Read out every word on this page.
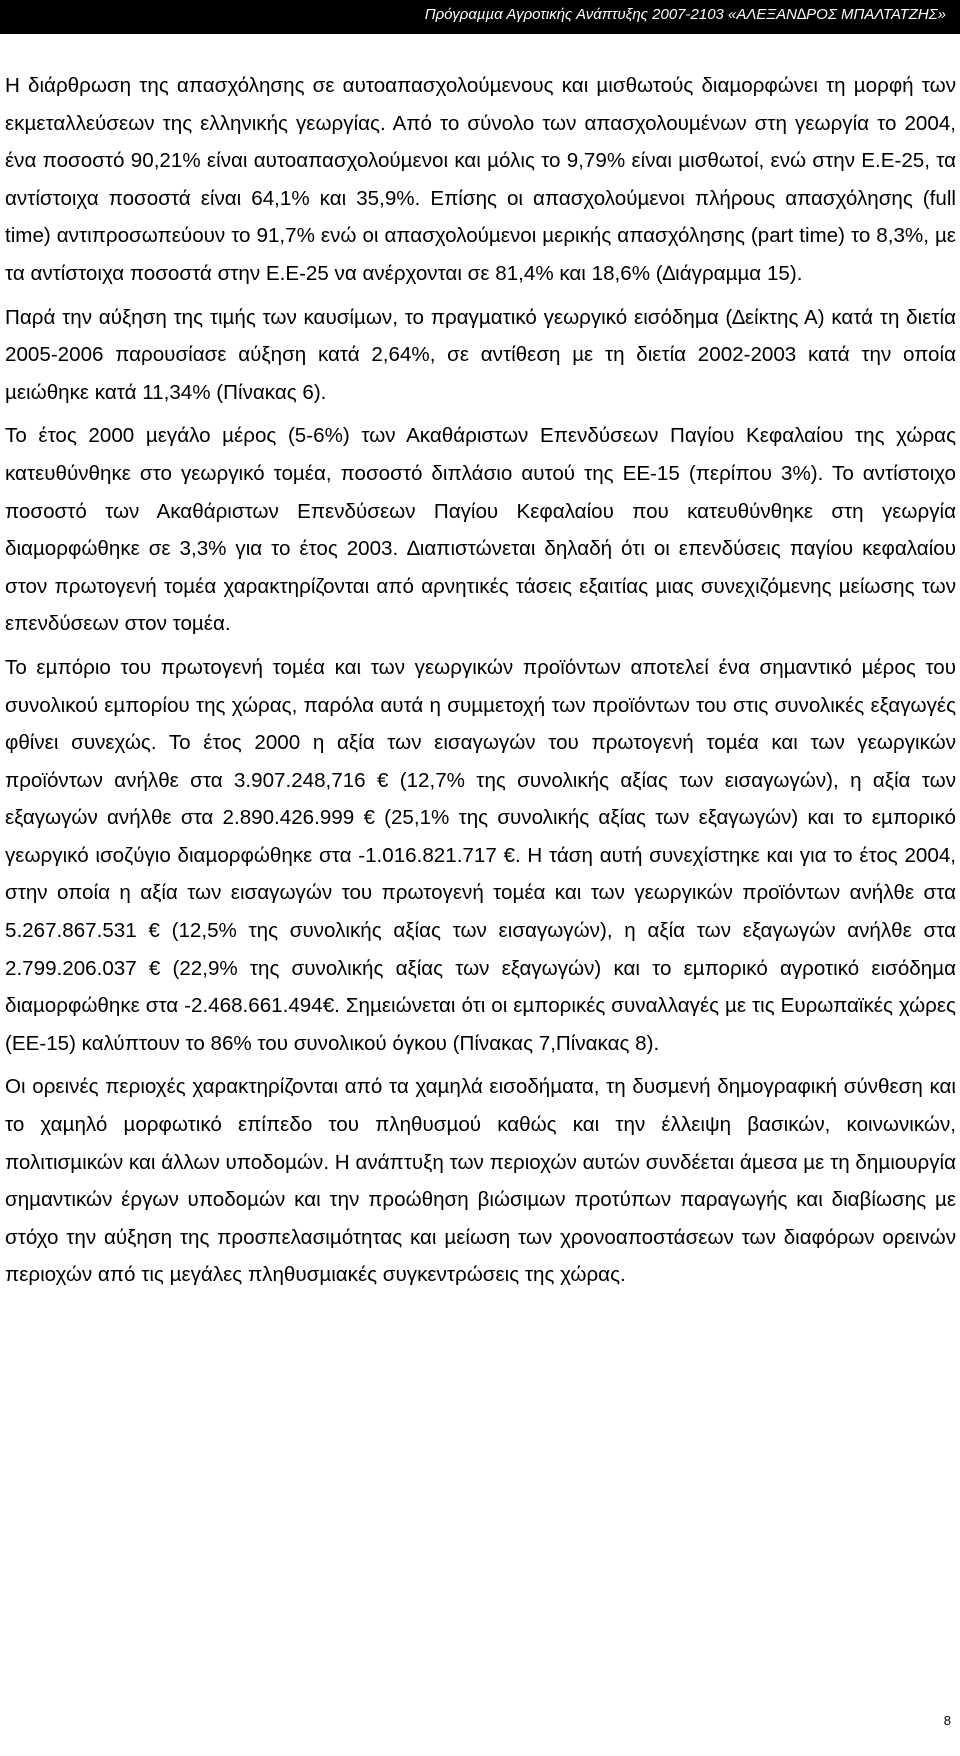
Πρόγραµµα Αγροτικής Ανάπτυξης 2007-2103 «ΑΛΕΞΑΝ∆ΡΟΣ ΜΠΑΛΤΑΤΖΗΣ»

Η διάρθρωση της απασχόλησης σε αυτοαπασχολούµενους και µισθωτούς διαµορφώνει τη µορφή των εκµεταλλεύσεων της ελληνικής γεωργίας. Από το σύνολο των απασχολουµένων στη γεωργία το 2004, ένα ποσοστό 90,21% είναι αυτοαπασχολούµενοι και µόλις το 9,79% είναι µισθωτοί, ενώ στην Ε.Ε-25, τα αντίστοιχα ποσοστά είναι 64,1% και 35,9%. Επίσης οι απασχολούµενοι πλήρους απασχόλησης (full time) αντιπροσωπεύουν το 91,7% ενώ οι απασχολούµενοι µερικής απασχόλησης (part time) το 8,3%, µε τα αντίστοιχα ποσοστά στην Ε.Ε-25 να ανέρχονται σε 81,4% και 18,6% (∆ιάγραµµα 15).

Παρά την αύξηση της τιµής των καυσίµων, το πραγµατικό γεωργικό εισόδηµα (∆είκτης Α) κατά τη διετία 2005-2006 παρουσίασε αύξηση κατά 2,64%, σε αντίθεση µε τη διετία 2002-2003 κατά την οποία µειώθηκε κατά 11,34% (Πίνακας 6).

Το έτος 2000 µεγάλο µέρος (5-6%) των Ακαθάριστων Επενδύσεων Παγίου Κεφαλαίου της χώρας κατευθύνθηκε στο γεωργικό τοµέα, ποσοστό διπλάσιο αυτού της ΕΕ-15 (περίπου 3%). Το αντίστοιχο ποσοστό των Ακαθάριστων Επενδύσεων Παγίου Κεφαλαίου που κατευθύνθηκε στη γεωργία διαµορφώθηκε σε 3,3% για το έτος 2003. ∆ιαπιστώνεται δηλαδή ότι οι επενδύσεις παγίου κεφαλαίου στον πρωτογενή τοµέα χαρακτηρίζονται από αρνητικές τάσεις εξαιτίας µιας συνεχιζόµενης µείωσης των επενδύσεων στον τοµέα.

Το εµπόριο του πρωτογενή τοµέα και των γεωργικών προϊόντων αποτελεί ένα σηµαντικό µέρος του συνολικού εµπορίου της χώρας, παρόλα αυτά η συµµετοχή των προϊόντων του στις συνολικές εξαγωγές φθίνει συνεχώς. Το έτος 2000 η αξία των εισαγωγών του πρωτογενή τοµέα και των γεωργικών προϊόντων ανήλθε στα 3.907.248,716 € (12,7% της συνολικής αξίας των εισαγωγών), η αξία των εξαγωγών ανήλθε στα 2.890.426.999 € (25,1% της συνολικής αξίας των εξαγωγών) και το εµπορικό γεωργικό ισοζύγιο διαµορφώθηκε στα -1.016.821.717 €. Η τάση αυτή συνεχίστηκε και για το έτος 2004, στην οποία η αξία των εισαγωγών του πρωτογενή τοµέα και των γεωργικών προϊόντων ανήλθε στα 5.267.867.531 € (12,5% της συνολικής αξίας των εισαγωγών), η αξία των εξαγωγών ανήλθε στα 2.799.206.037 € (22,9% της συνολικής αξίας των εξαγωγών) και το εµπορικό αγροτικό εισόδηµα διαµορφώθηκε στα -2.468.661.494€. Σηµειώνεται ότι οι εµπορικές συναλλαγές µε τις Ευρωπαϊκές χώρες (ΕΕ-15) καλύπτουν το 86% του συνολικού όγκου (Πίνακας 7,Πίνακας 8).

Οι ορεινές περιοχές χαρακτηρίζονται από τα χαµηλά εισοδήµατα, τη δυσµενή δηµογραφική σύνθεση και το χαµηλό µορφωτικό επίπεδο του πληθυσµού καθώς και την έλλειψη βασικών, κοινωνικών, πολιτισµικών και άλλων υποδοµών. Η ανάπτυξη των περιοχών αυτών συνδέεται άµεσα µε τη δηµιουργία σηµαντικών έργων υποδοµών και την προώθηση βιώσιµων προτύπων παραγωγής και διαβίωσης µε στόχο την αύξηση της προσπελασιµότητας και µείωση των χρονοαποστάσεων των διαφόρων ορεινών περιοχών από τις µεγάλες πληθυσµιακές συγκεντρώσεις της χώρας.

8
